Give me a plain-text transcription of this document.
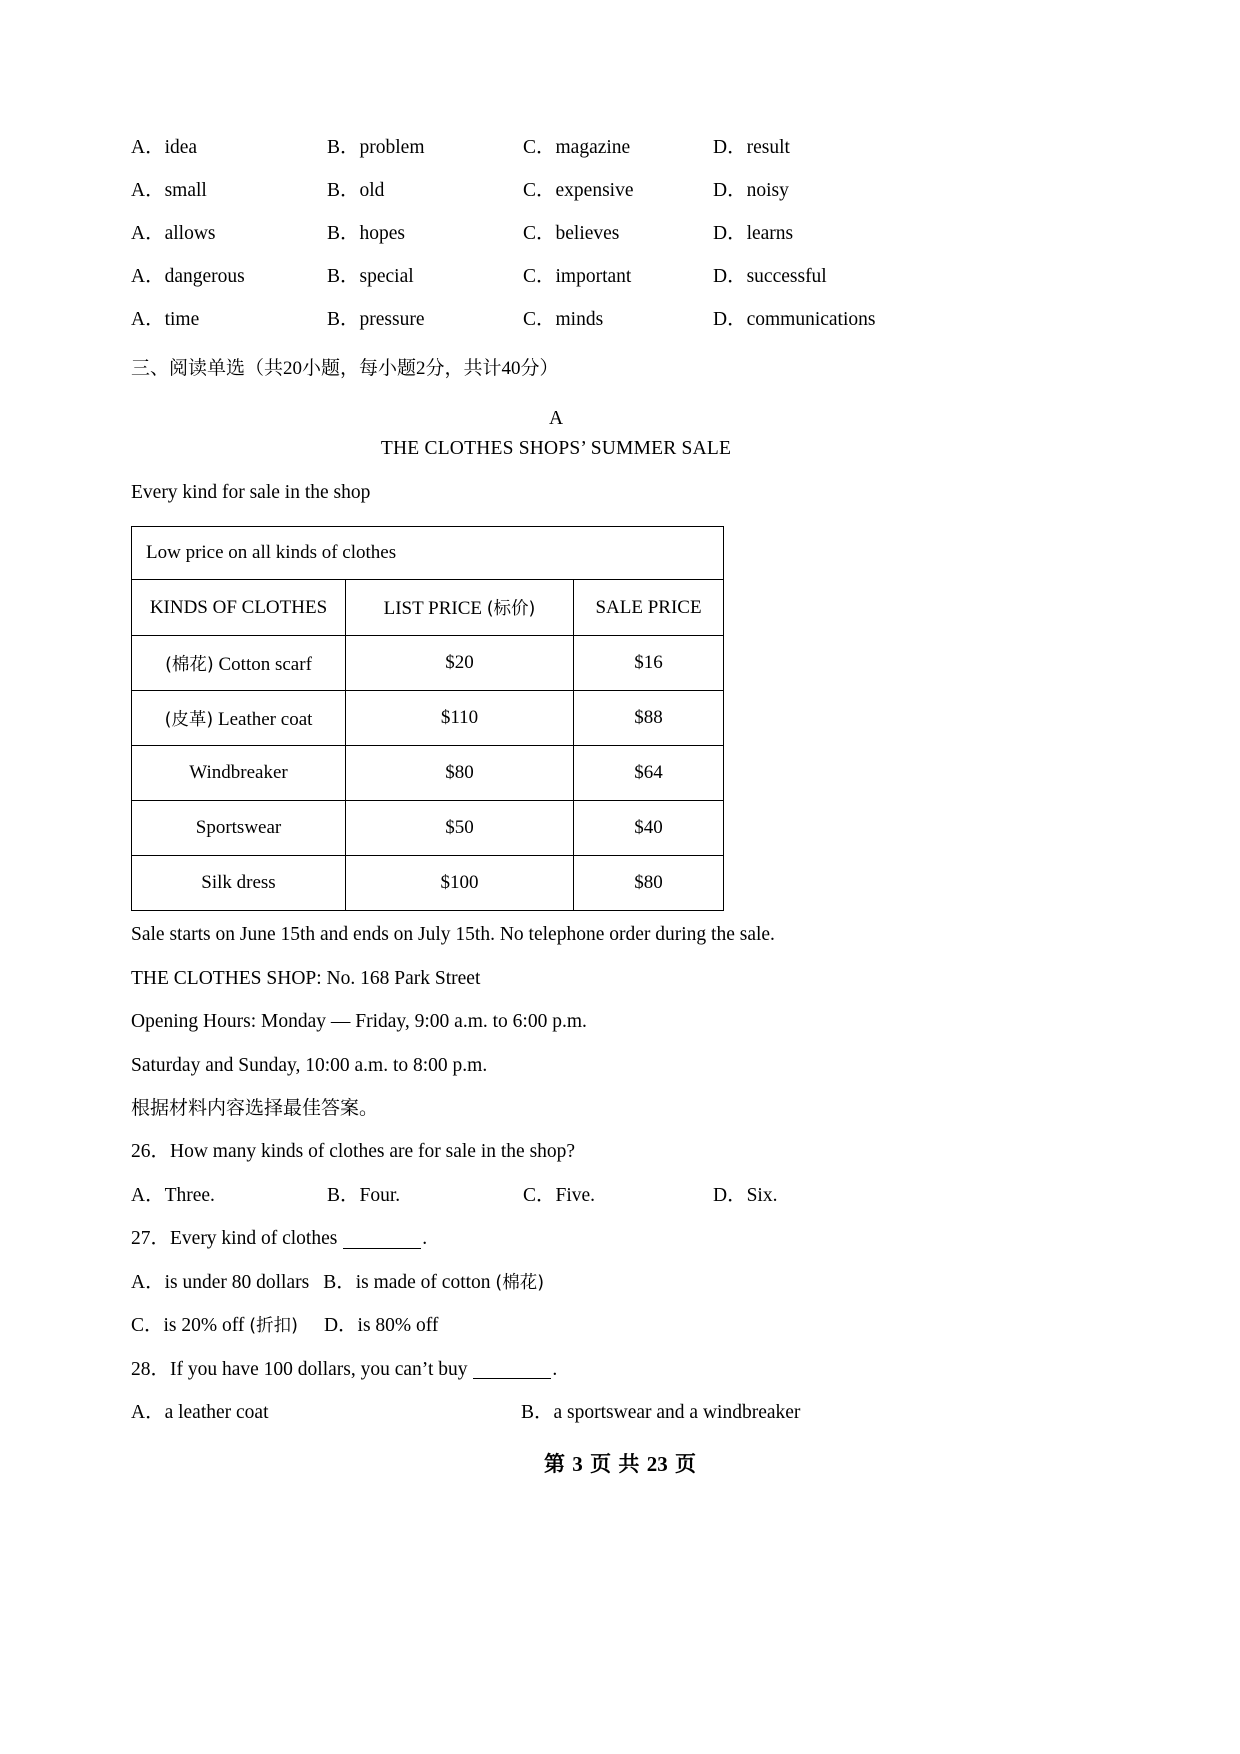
A．idea	B．problem	C．magazine	D．result
A．small	B．old	C．expensive	D．noisy
A．allows	B．hopes	C．believes	D．learns
A．dangerous	B．special	C．important	D．successful
A．time	B．pressure	C．minds	D．communications
三、阅读单选（共20小题，每小题2分，共计40分）
A
THE CLOTHES SHOPS’ SUMMER SALE
Every kind for sale in the shop
Low price on all kinds of clothes		
KINDS OF CLOTHES	LIST PRICE (标价)	SALE PRICE
(棉花) Cotton scarf	$20	$16
(皮革) Leather coat	$110	$88
Windbreaker	$80	$64
Sportswear	$50	$40
Silk dress	$100	$80
Sale starts on June 15th and ends on July 15th. No telephone order during the sale.
THE CLOTHES SHOP: No. 168 Park Street
Opening Hours: Monday — Friday, 9:00 a.m. to 6:00 p.m.
Saturday and Sunday, 10:00 a.m. to 8:00 p.m.
根据材料内容选择最佳答案。
26．How many kinds of clothes are for sale in the shop?
A．Three.	B．Four.	C．Five.	D．Six.
27．Every kind of clothes	.
A．is under 80 dollars B．is made of cotton (棉花)
C．is 20% off (折扣) D．is 80% off
28．If you have 100 dollars, you can’t buy	.
A．a leather coat	B．a sportswear and a windbreaker
第 3 页 共 23 页
